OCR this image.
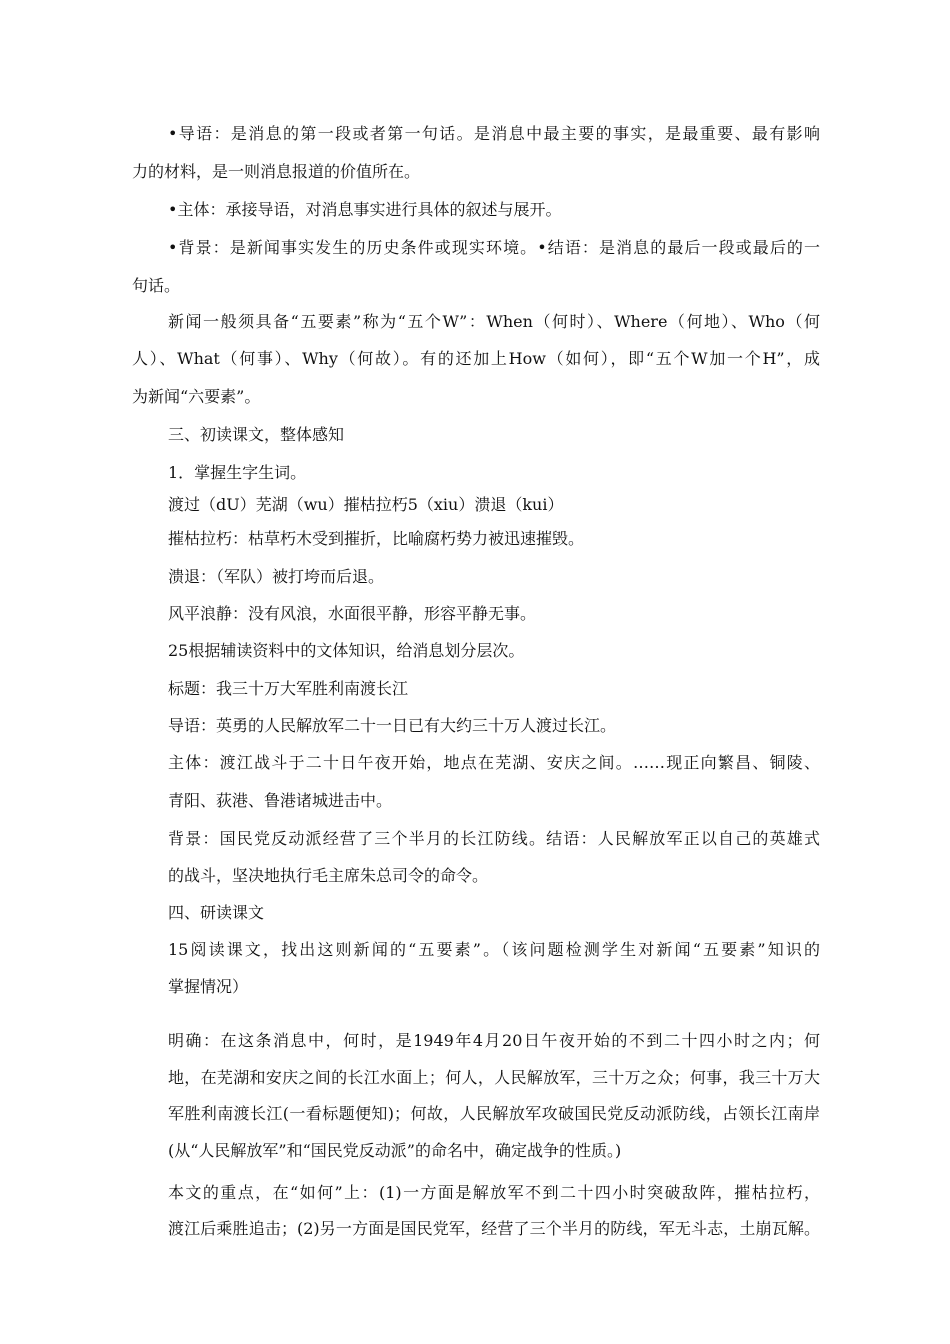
•导语：是消息的第一段或者第一句话。是消息中最主要的事实，是最重要、最有影响
力的材料，是一则消息报道的价值所在。
•主体：承接导语，对消息事实进行具体的叙述与展开。
•背景：是新闻事实发生的历史条件或现实环境。•结语：是消息的最后一段或最后的一
句话。
新闻一般须具备“五要素”称为“五个W”：When（何时）、Where（何地）、Who（何
人）、What（何事）、Why（何故）。有的还加上How（如何），即“五个W加一个H”，成
为新闻“六要素”。
三、初读课文，整体感知
1．掌握生字生词。
渡过（dU）芜湖（wu）摧枯拉朽5（xiu）溃退（kui）
摧枯拉朽：枯草朽木受到摧折，比喻腐朽势力被迅速摧毁。
溃退：（军队）被打垮而后退。
风平浪静：没有风浪，水面很平静，形容平静无事。
25根据辅读资料中的文体知识，给消息划分层次。
标题：我三十万大军胜利南渡长江
导语：英勇的人民解放军二十一日已有大约三十万人渡过长江。
主体：渡江战斗于二十日午夜开始，地点在芜湖、安庆之间。……现正向繁昌、铜陵、
青阳、荻港、鲁港诸城进击中。
背景：国民党反动派经营了三个半月的长江防线。结语：人民解放军正以自己的英雄式
的战斗，坚决地执行毛主席朱总司令的命令。
四、研读课文
15阅读课文，找出这则新闻的“五要素”。（该问题检测学生对新闻“五要素”知识的
掌握情况）
明确：在这条消息中，何时，是1949年4月20日午夜开始的不到二十四小时之内；何
地，在芜湖和安庆之间的长江水面上；何人，人民解放军，三十万之众；何事，我三十万大
军胜利南渡长江(一看标题便知)；何故，人民解放军攻破国民党反动派防线，占领长江南岸
(从“人民解放军”和“国民党反动派”的命名中，确定战争的性质。)
本文的重点，在“如何”上：(1)一方面是解放军不到二十四小时突破敌阵，摧枯拉朽，
渡江后乘胜追击；(2)另一方面是国民党军，经营了三个半月的防线，军无斗志，土崩瓦解。
